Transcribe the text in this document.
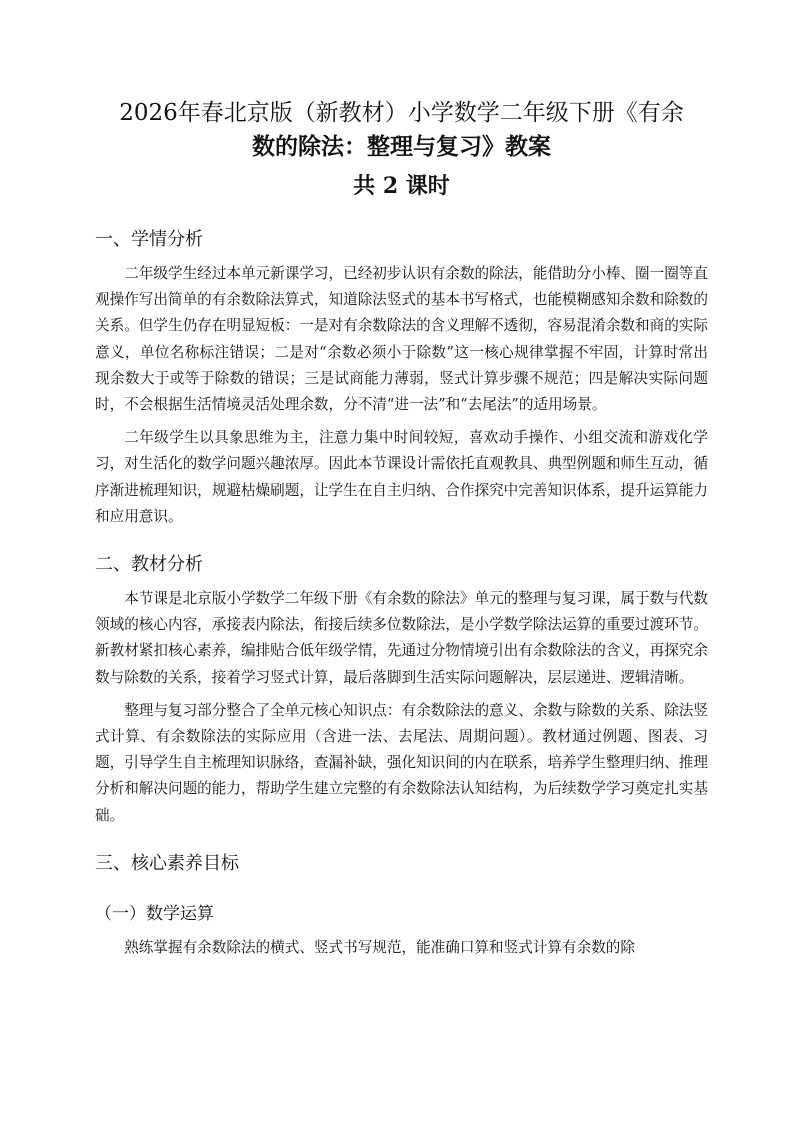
2026年春北京版（新教材）小学数学二年级下册《有余
数的除法：整理与复习》教案
共 2 课时
一、学情分析

二年级学生经过本单元新课学习，已经初步认识有余数的除法，能借助分小棒、圈一圈等直观操作写出简单的有余数除法算式，知道除法竖式的基本书写格式，也能模糊感知余数和除数的关系。但学生仍存在明显短板：一是对有余数除法的含义理解不透彻，容易混淆余数和商的实际意义，单位名称标注错误；二是对“余数必须小于除数”这一核心规律掌握不牢固，计算时常出现余数大于或等于除数的错误；三是试商能力薄弱，竖式计算步骤不规范；四是解决实际问题时，不会根据生活情境灵活处理余数，分不清“进一法”和“去尾法”的适用场景。

二年级学生以具象思维为主，注意力集中时间较短，喜欢动手操作、小组交流和游戏化学习，对生活化的数学问题兴趣浓厚。因此本节课设计需依托直观教具、典型例题和师生互动，循序渐进梳理知识，规避枯燥刷题，让学生在自主归纳、合作探究中完善知识体系，提升运算能力和应用意识。

二、教材分析

本节课是北京版小学数学二年级下册《有余数的除法》单元的整理与复习课，属于数与代数领域的核心内容，承接表内除法，衔接后续多位数除法，是小学数学除法运算的重要过渡环节。新教材紧扣核心素养，编排贴合低年级学情，先通过分物情境引出有余数除法的含义，再探究余数与除数的关系，接着学习竖式计算，最后落脚到生活实际问题解决，层层递进、逻辑清晰。

整理与复习部分整合了全单元核心知识点：有余数除法的意义、余数与除数的关系、除法竖式计算、有余数除法的实际应用（含进一法、去尾法、周期问题）。教材通过例题、图表、习题，引导学生自主梳理知识脉络，查漏补缺，强化知识间的内在联系，培养学生整理归纳、推理分析和解决问题的能力，帮助学生建立完整的有余数除法认知结构，为后续数学学习奠定扎实基础。

三、核心素养目标
（一）数学运算

熟练掌握有余数除法的横式、竖式书写规范，能准确口算和竖式计算有余数的除
